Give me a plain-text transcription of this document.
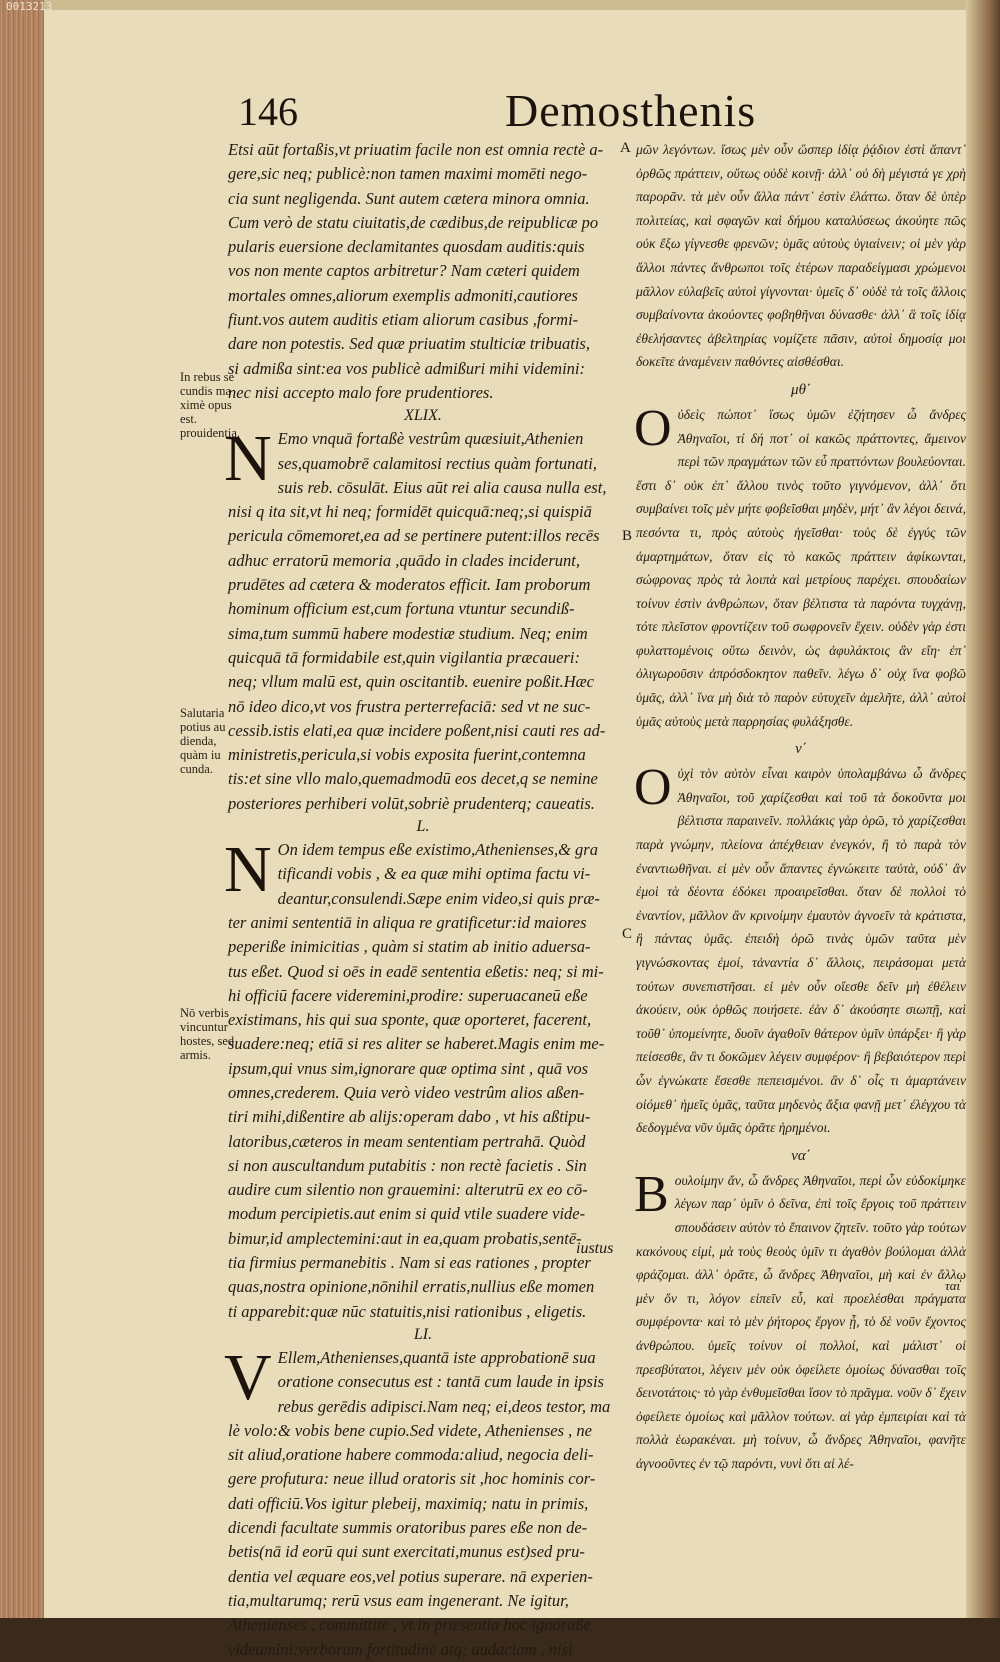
0013213
146	Demosthenis
A
B
C
In rebus se
cundis ma
ximè opus
est. prouidentia.
Salutaria
potius au
dienda,
quàm iu
cunda.
Nō verbis
vincuntur
hostes, sed
armis.

Etsi aūt fortaßis,vt priuatim facile non est omnia rectè a-
gere,sic neq; publicè:non tamen maximi momēti nego-
cia sunt negligenda. Sunt autem cætera minora omnia.
Cum verò de statu ciuitatis,de cædibus,de reipublicæ po
pularis euersione declamitantes quosdam auditis:quis
vos non mente captos arbitretur? Nam cæteri quidem
mortales omnes,aliorum exemplis admoniti,cautiores
fiunt.vos autem auditis etiam aliorum casibus ,formi-
dare non potestis. Sed quæ priuatim stulticiæ tribuatis,
si admißa sint:ea vos publicè admißuri mihi videmini:
nec nisi accepto malo fore prudentiores.

XLIX.

N Emo vnquā fortaßè vestrûm quæsiuit,Athenien
ses,quamobrē calamitosi rectius quàm fortunati,
suis reb. cōsulāt. Eius aūt rei alia causa nulla est,
nisi q ita sit,vt hi neq; formidēt quicquā:neq;,si quispiā
pericula cōmemoret,ea ad se pertinere putent:illos recēs
adhuc erratorū memoria ,quādo in clades inciderunt,
prudētes ad cætera & moderatos efficit. Iam proborum
hominum officium est,cum fortuna vtuntur secundiß-
sima,tum summū habere modestiæ studium. Neq; enim
quicquā tā formidabile est,quin vigilantia præcaueri:
neq; vllum malū est, quin oscitantib. euenire poßit.Hæc
nō ideo dico,vt vos frustra perterrefaciā: sed vt ne suc-
cessib.istis elati,ea quæ incidere poßent,nisi cauti res ad-
ministretis,pericula,si vobis exposita fuerint,contemna
tis:et sine vllo malo,quemadmodū eos decet,q se nemine
posteriores perhiberi volūt,sobriè prudenterq; caueatis.

L.

N On idem tempus eße existimo,Athenienses,& gra
tificandi vobis , & ea quæ mihi optima factu vi-
deantur,consulendi.Sæpe enim video,si quis præ-
ter animi sententiā in aliqua re gratificetur:id maiores
peperiße inimicitias , quàm si statim ab initio aduersa-
tus eßet. Quod si oēs in eadē sententia eßetis: neq; si mi-
hi officiū facere videremini,prodire: superuacaneū eße
existimans, his qui sua sponte, quæ oporteret, facerent,
suadere:neq; etiā si res aliter se haberet.Magis enim me-
ipsum,qui vnus sim,ignorare quæ optima sint , quā vos
omnes,crederem. Quia verò video vestrûm alios aßen-
tiri mihi,dißentire ab alijs:operam dabo , vt his aßtipu-
latoribus,cæteros in meam sententiam pertrahā. Quòd
si non auscultandum putabitis : non rectè facietis . Sin
audire cum silentio non grauemini: alterutrū ex eo cō-
modum percipietis.aut enim si quid vtile suadere vide-
bimur,id amplectemini:aut in ea,quam probatis,sentē-
tia firmius permanebitis . Nam si eas rationes , propter
quas,nostra opinione,nōnihil erratis,nullius eße momen
ti apparebit:quæ nūc statuitis,nisi rationibus , eligetis.

LI.

V Ellem,Athenienses,quantā iste approbationē sua
oratione consecutus est : tantā cum laude in ipsis
rebus gerēdis adipisci.Nam neq; ei,deos testor, ma
lè volo:& vobis bene cupio.Sed videte, Athenienses , ne
sit aliud,oratione habere commoda:aliud, negocia deli-
gere profutura: neue illud oratoris sit ,hoc hominis cor-
dati officiū.Vos igitur plebeij, maximiq; natu in primis,
dicendi facultate summis oratoribus pares eße non de-
betis(nā id eorū qui sunt exercitati,munus est)sed pru-
dentia vel æquare eos,vel potius superare. nā experien-
tia,multarumq; rerū vsus eam ingenerant. Ne igitur,
Athenienses , committite , vt in præsentia hoc ignoraße
videamini:verborum fortitudinē atq; audaciam , nisi

iustus

μῶν λεγόντων. ἴσως μὲν οὖν ὥσπερ ἰδίᾳ ῥᾴδιον ἐστὶ ἅπαντ᾽ ὀρθῶς πράττειν, οὕτως οὐδὲ κοινῇ· ἀλλ᾽ οὐ δὴ μέγιστά γε χρὴ παρορᾶν. τὰ μὲν οὖν ἄλλα πάντ᾽ ἐστὶν ἐλάττω. ὅταν δὲ ὑπὲρ πολιτείας, καὶ σφαγῶν καὶ δήμου καταλύσεως ἀκούητε πῶς οὐκ ἔξω γίγνεσθε φρενῶν; ὑμᾶς αὐτοὺς ὑγιαίνειν; οἱ μὲν γὰρ ἄλλοι πάντες ἄνθρωποι τοῖς ἑτέρων παραδείγμασι χρώμενοι μᾶλλον εὐλαβεῖς αὐτοὶ γίγνονται· ὑμεῖς δ᾽ οὐδὲ τὰ τοῖς ἄλλοις συμβαίνοντα ἀκούοντες φοβηθῆναι δύνασθε· ἀλλ᾽ ἃ τοῖς ἰδίᾳ ἐθελήσαντες ἀβελτηρίας νομίζετε πᾶσιν, αὐτοὶ δημοσίᾳ μοι δοκεῖτε ἀναμένειν παθόντες αἰσθέσθαι.

μθ΄

Οὐδεὶς πώποτ᾽ ἴσως ὑμῶν ἐζήτησεν ὦ ἄνδρες Ἀθηναῖοι, τί δή ποτ᾽ οἱ κακῶς πράττοντες, ἄμεινον περὶ τῶν πραγμάτων τῶν εὖ πραττόντων βουλεύονται. ἔστι δ᾽ οὐκ ἐπ᾽ ἄλλου τινὸς τοῦτο γιγνόμενον, ἀλλ᾽ ὅτι συμβαίνει τοῖς μὲν μήτε φοβεῖσθαι μηδὲν, μήτ᾽ ἂν λέγοι δεινά, πεσόντα τι, πρὸς αὐτοὺς ἡγεῖσθαι· τοὺς δὲ ἐγγύς τῶν ἁμαρτημάτων, ὅταν εἰς τὸ κακῶς πράττειν ἀφίκωνται, σώφρονας πρὸς τὰ λοιπὰ καὶ μετρίους παρέχει. σπουδαίων τοίνυν ἐστὶν ἀνθρώπων, ὅταν βέλτιστα τὰ παρόντα τυγχάνῃ, τότε πλεῖστον φροντίζειν τοῦ σωφρονεῖν ἔχειν. οὐδὲν γὰρ ἐστι φυλαττομένοις οὕτω δεινὸν, ὡς ἀφυλάκτοις ἂν εἴη· ἐπ᾽ ὀλιγωροῦσιν ἀπρόσδοκητον παθεῖν. λέγω δ᾽ οὐχ ἵνα φοβῶ ὑμᾶς, ἀλλ᾽ ἵνα μὴ διὰ τὸ παρὸν εὐτυχεῖν ἀμελῆτε, ἀλλ᾽ αὐτοὶ ὑμᾶς αὐτοὺς μετὰ παρρησίας φυλάξησθε.

ν΄

Οὐχὶ τὸν αὐτὸν εἶναι καιρὸν ὑπολαμβάνω ὦ ἄνδρες Ἀθηναῖοι, τοῦ χαρίζεσθαι καὶ τοῦ τὰ δοκοῦντα μοι βέλτιστα παραινεῖν. πολλάκις γὰρ ὁρῶ, τὸ χαρίζεσθαι παρὰ γνώμην, πλείονα ἀπέχθειαν ἐνεγκόν, ἢ τὸ παρὰ τὸν ἐναντιωθῆναι. εἰ μὲν οὖν ἅπαντες ἐγνώκειτε ταὐτὰ, οὐδ᾽ ἂν ἐμοὶ τὰ δέοντα ἐδόκει προαιρεῖσθαι. ὅταν δὲ πολλοὶ τὸ ἐναντίον, μᾶλλον ἂν κρινοίμην ἐμαυτὸν ἀγνοεῖν τὰ κράτιστα, ἢ πάντας ὑμᾶς. ἐπειδὴ ὁρῶ τινὰς ὑμῶν ταῦτα μὲν γιγνώσκοντας ἐμοί, τἀναντία δ᾽ ἄλλοις, πειράσομαι μετὰ τούτων συνεπιστῆσαι. εἰ μὲν οὖν οἴεσθε δεῖν μὴ ἐθέλειν ἀκούειν, οὐκ ὀρθῶς ποιήσετε. ἐὰν δ᾽ ἀκούσητε σιωπῇ, καὶ τοῦθ᾽ ὑπομείνητε, δυοῖν ἀγαθοῖν θάτερον ὑμῖν ὑπάρξει· ἢ γὰρ πείσεσθε, ἂν τι δοκῶμεν λέγειν συμφέρον· ἢ βεβαιότερον περὶ ὧν ἐγνώκατε ἔσεσθε πεπεισμένοι. ἂν δ᾽ οἷς τι ἁμαρτάνειν οἰόμεθ᾽ ἡμεῖς ὑμᾶς, ταῦτα μηδενὸς ἄξια φανῇ μετ᾽ ἐλέγχου τὰ δεδογμένα νῦν ὑμᾶς ὁρᾶτε ἡρημένοι.

να΄

Βουλοίμην ἄν, ὦ ἄνδρες Ἀθηναῖοι, περὶ ὧν εὐδοκίμηκε λέγων παρ᾽ ὑμῖν ὁ δεῖνα, ἐπὶ τοῖς ἔργοις τοῦ πράττειν σπουδάσειν αὐτὸν τὸ ἔπαινον ζητεῖν. τοῦτο γὰρ τούτων κακόνους εἰμί, μὰ τοὺς θεοὺς ὑμῖν τι ἀγαθὸν βούλομαι ἀλλὰ φράζομαι. ἀλλ᾽ ὁρᾶτε, ὦ ἄνδρες Ἀθηναῖοι, μὴ καὶ ἐν ἄλλῳ μὲν ὄν τι, λόγον εἰπεῖν εὖ, καὶ προελέσθαι πράγματα συμφέροντα· καὶ τὸ μὲν ῥήτορος ἔργον ᾖ, τὸ δὲ νοῦν ἔχοντος ἀνθρώπου. ὑμεῖς τοίνυν οἱ πολλοί, καὶ μάλιστ᾽ οἱ πρεσβύτατοι, λέγειν μὲν οὐκ ὀφείλετε ὁμοίως δύνασθαι τοῖς δεινοτάτοις· τὸ γὰρ ἐνθυμεῖσθαι ἴσον τὸ πρᾶγμα. νοῦν δ᾽ ἔχειν ὀφείλετε ὁμοίως καὶ μᾶλλον τούτων. αἱ γὰρ ἐμπειρίαι καὶ τὰ πολλὰ ἑωρακέναι. μὴ τοίνυν, ὦ ἄνδρες Ἀθηναῖοι, φανῆτε ἀγνοοῦντες ἐν τῷ παρόντι, νυνὶ ὅτι αἱ λέ-

ται
